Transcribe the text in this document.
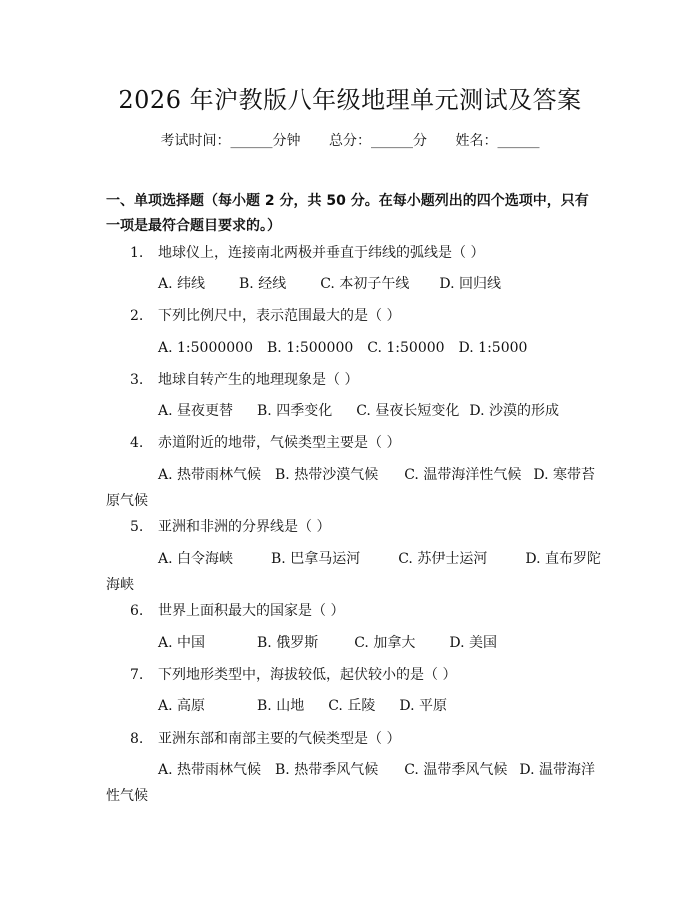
2026 年沪教版八年级地理单元测试及答案
考试时间：______分钟 总分：______分 姓名：______
一、单项选择题（每小题 2 分，共 50 分。在每小题列出的四个选项中，只有一项是最符合题目要求的。）
1. 地球仪上，连接南北两极并垂直于纬线的弧线是（ ）
A. 纬线 B. 经线 C. 本初子午线 D. 回归线
2. 下列比例尺中，表示范围最大的是（ ）
A. 1:5000000 B. 1:500000 C. 1:50000 D. 1:5000
3. 地球自转产生的地理现象是（ ）
A. 昼夜更替 B. 四季变化 C. 昼夜长短变化 D. 沙漠的形成
4. 赤道附近的地带，气候类型主要是（ ）
A. 热带雨林气候 B. 热带沙漠气候 C. 温带海洋性气候 D. 寒带苔原气候
5. 亚洲和非洲的分界线是（ ）
A. 白令海峡	B. 巴拿马运河	C. 苏伊士运河	D. 直布罗陀海峡
6. 世界上面积最大的国家是（ ）
A. 中国	B. 俄罗斯	C. 加拿大 D. 美国
7. 下列地形类型中，海拔较低，起伏较小的是（ ）
A. 高原	B. 山地 C. 丘陵 D. 平原
8. 亚洲东部和南部主要的气候类型是（ ）
A. 热带雨林气候 B. 热带季风气候 C. 温带季风气候 D. 温带海洋性气候
